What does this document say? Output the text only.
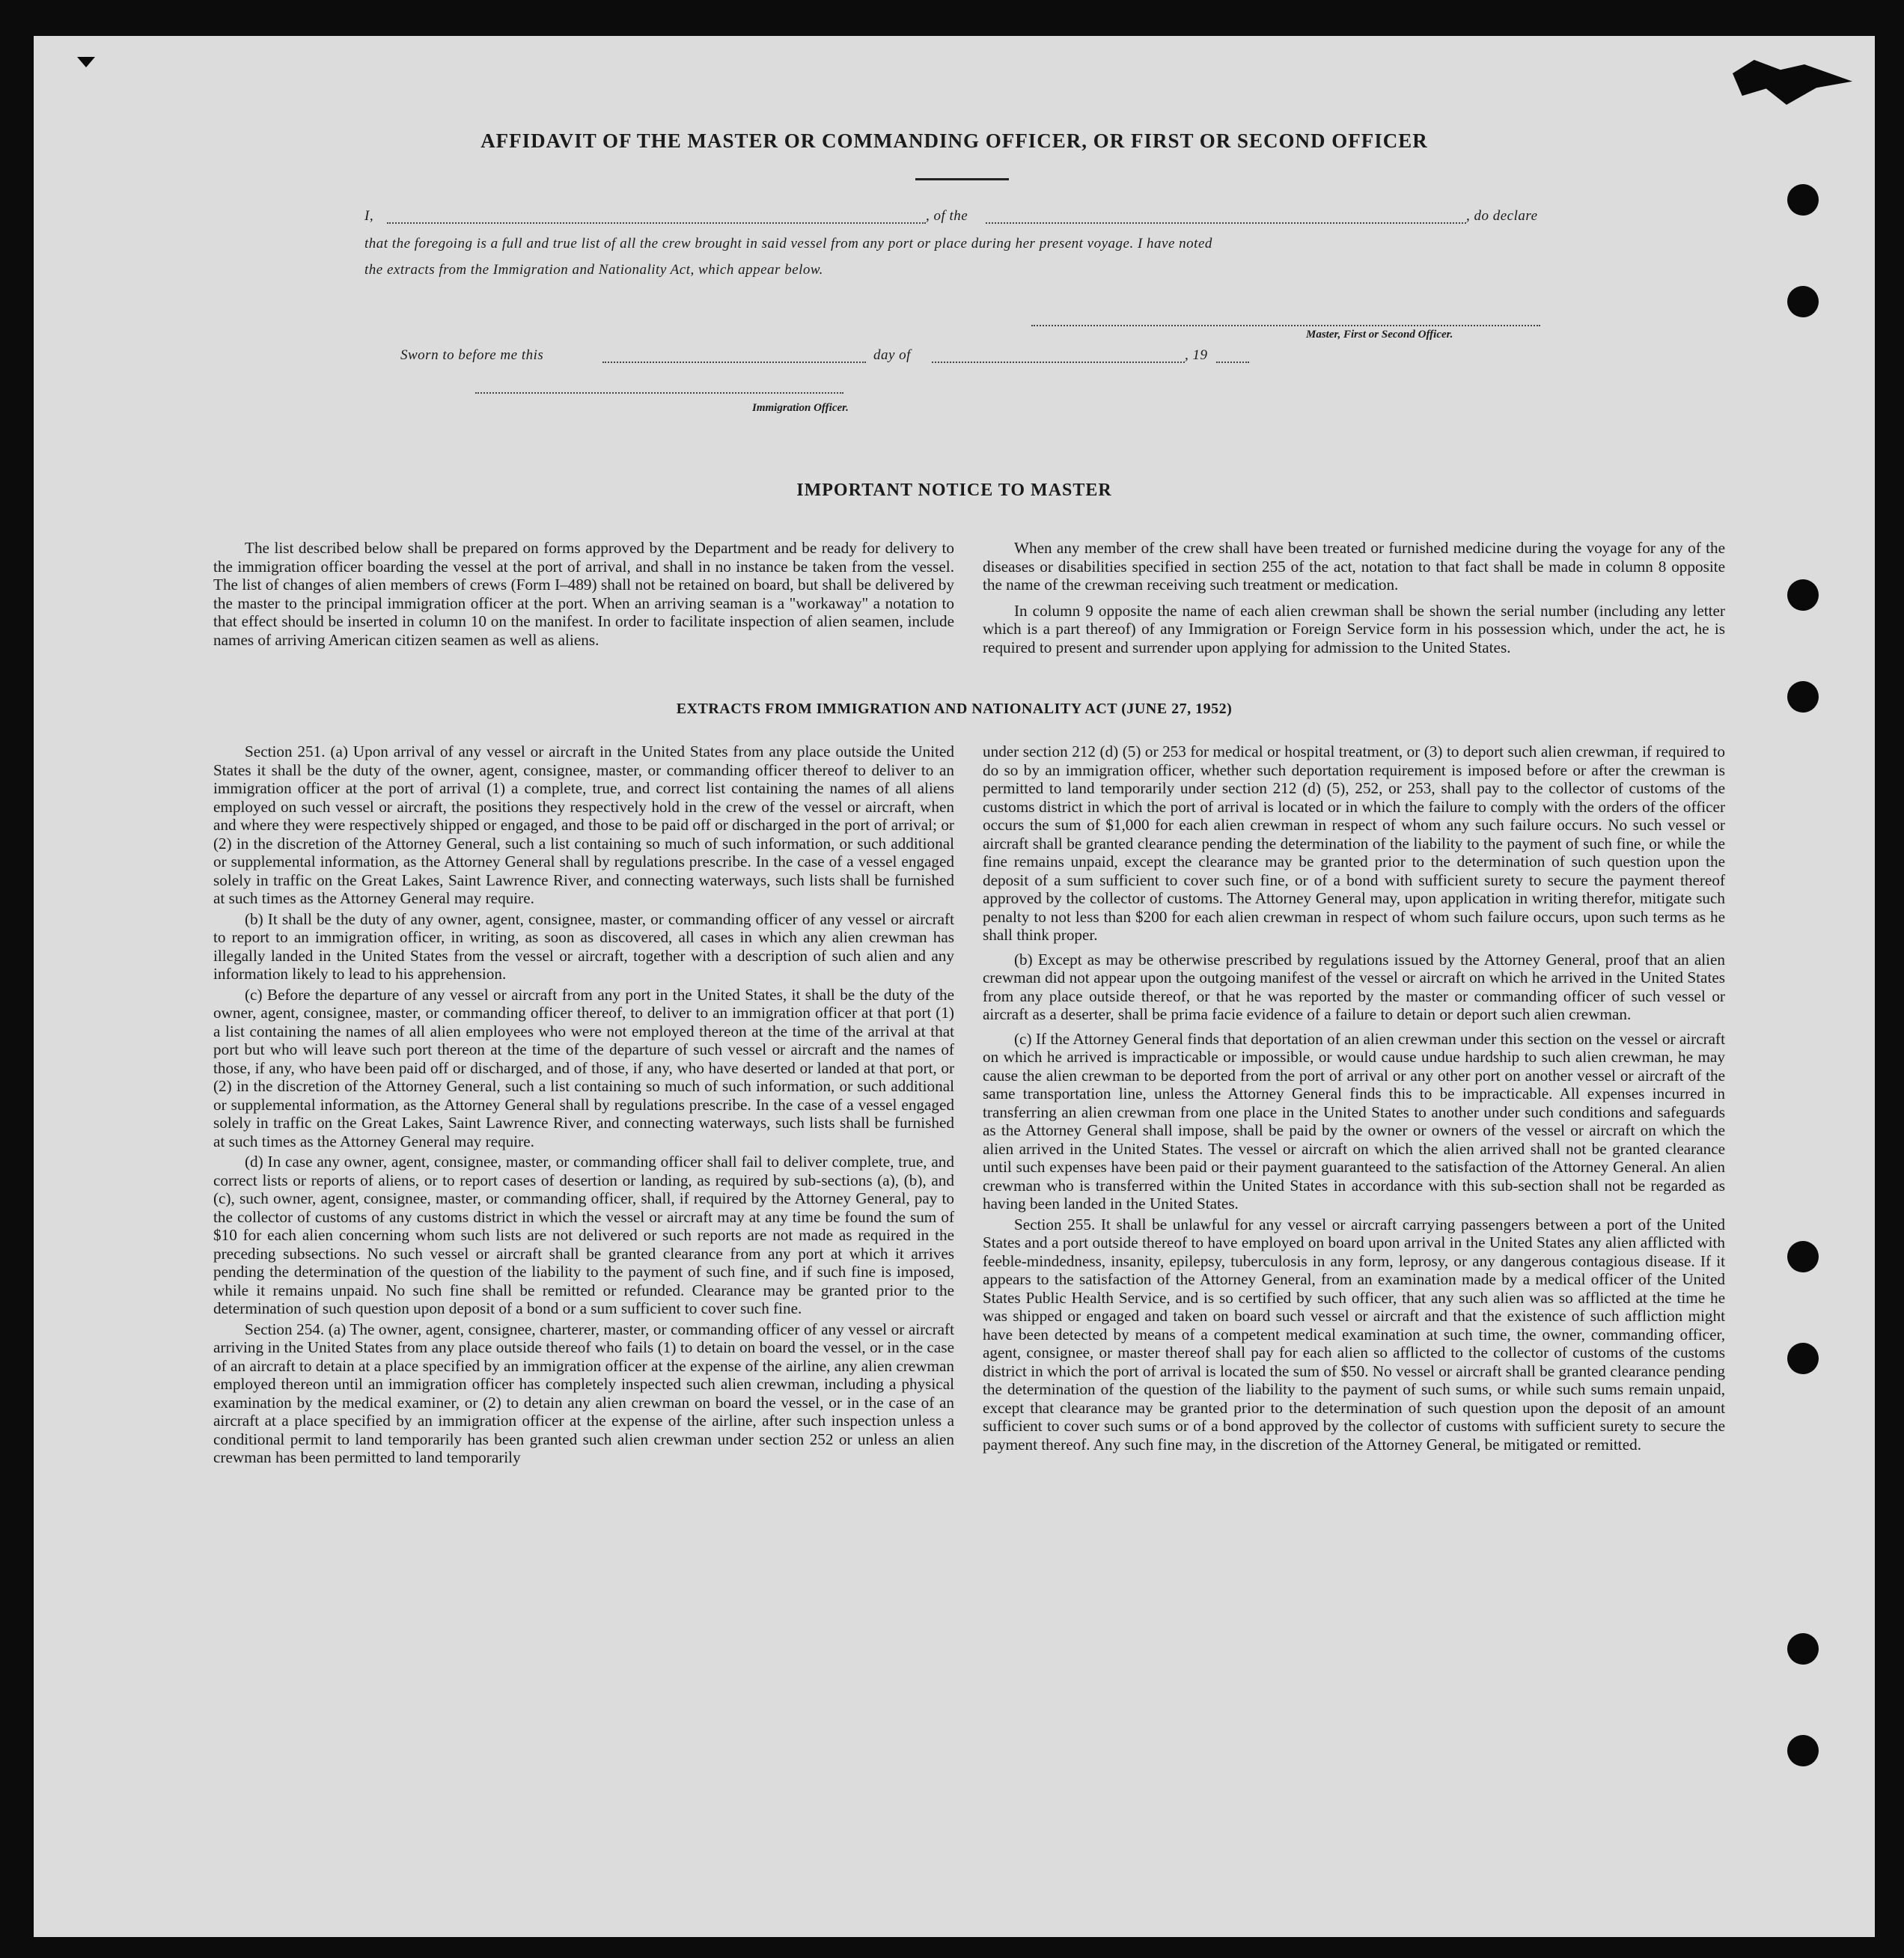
AFFIDAVIT OF THE MASTER OR COMMANDING OFFICER, OR FIRST OR SECOND OFFICER
I,	, of the	, do declare
that the foregoing is a full and true list of all the crew brought in said vessel from any port or place during her present voyage. I have noted
the extracts from the Immigration and Nationality Act, which appear below.
Master, First or Second Officer.
Sworn to before me this	day of	, 19
Immigration Officer.
IMPORTANT NOTICE TO MASTER

The list described below shall be prepared on forms approved by the Department and be ready for delivery to the immigration officer boarding the vessel at the port of arrival, and shall in no instance be taken from the vessel. The list of changes of alien members of crews (Form I–489) shall not be retained on board, but shall be delivered by the master to the principal immigration officer at the port. When an arriving seaman is a "workaway" a notation to that effect should be inserted in column 10 on the manifest. In order to facilitate inspection of alien seamen, include names of arriving American citizen seamen as well as aliens.

When any member of the crew shall have been treated or furnished medicine during the voyage for any of the diseases or disabilities specified in section 255 of the act, notation to that fact shall be made in column 8 opposite the name of the crewman receiving such treatment or medication.

In column 9 opposite the name of each alien crewman shall be shown the serial number (including any letter which is a part thereof) of any Immigration or Foreign Service form in his possession which, under the act, he is required to present and surrender upon applying for admission to the United States.

EXTRACTS FROM IMMIGRATION AND NATIONALITY ACT (JUNE 27, 1952)

Section 251. (a) Upon arrival of any vessel or aircraft in the United States from any place outside the United States it shall be the duty of the owner, agent, consignee, master, or commanding officer thereof to deliver to an immigration officer at the port of arrival (1) a complete, true, and correct list containing the names of all aliens employed on such vessel or aircraft, the positions they respectively hold in the crew of the vessel or aircraft, when and where they were respectively shipped or engaged, and those to be paid off or discharged in the port of arrival; or (2) in the discretion of the Attorney General, such a list containing so much of such information, or such additional or supplemental information, as the Attorney General shall by regulations prescribe. In the case of a vessel engaged solely in traffic on the Great Lakes, Saint Lawrence River, and connecting waterways, such lists shall be furnished at such times as the Attorney General may require.

(b) It shall be the duty of any owner, agent, consignee, master, or commanding officer of any vessel or aircraft to report to an immigration officer, in writing, as soon as discovered, all cases in which any alien crewman has illegally landed in the United States from the vessel or aircraft, together with a description of such alien and any information likely to lead to his apprehension.

(c) Before the departure of any vessel or aircraft from any port in the United States, it shall be the duty of the owner, agent, consignee, master, or commanding officer thereof, to deliver to an immigration officer at that port (1) a list containing the names of all alien employees who were not employed thereon at the time of the arrival at that port but who will leave such port thereon at the time of the departure of such vessel or aircraft and the names of those, if any, who have been paid off or discharged, and of those, if any, who have deserted or landed at that port, or (2) in the discretion of the Attorney General, such a list containing so much of such information, or such additional or supplemental information, as the Attorney General shall by regulations prescribe. In the case of a vessel engaged solely in traffic on the Great Lakes, Saint Lawrence River, and connecting waterways, such lists shall be furnished at such times as the Attorney General may require.

(d) In case any owner, agent, consignee, master, or commanding officer shall fail to deliver complete, true, and correct lists or reports of aliens, or to report cases of desertion or landing, as required by sub-sections (a), (b), and (c), such owner, agent, consignee, master, or commanding officer, shall, if required by the Attorney General, pay to the collector of customs of any customs district in which the vessel or aircraft may at any time be found the sum of $10 for each alien concerning whom such lists are not delivered or such reports are not made as required in the preceding subsections. No such vessel or aircraft shall be granted clearance from any port at which it arrives pending the determination of the question of the liability to the payment of such fine, and if such fine is imposed, while it remains unpaid. No such fine shall be remitted or refunded. Clearance may be granted prior to the determination of such question upon deposit of a bond or a sum sufficient to cover such fine.

Section 254. (a) The owner, agent, consignee, charterer, master, or commanding officer of any vessel or aircraft arriving in the United States from any place outside thereof who fails (1) to detain on board the vessel, or in the case of an aircraft to detain at a place specified by an immigration officer at the expense of the airline, any alien crewman employed thereon until an immigration officer has completely inspected such alien crewman, including a physical examination by the medical examiner, or (2) to detain any alien crewman on board the vessel, or in the case of an aircraft at a place specified by an immigration officer at the expense of the airline, after such inspection unless a conditional permit to land temporarily has been granted such alien crewman under section 252 or unless an alien crewman has been permitted to land temporarily

under section 212 (d) (5) or 253 for medical or hospital treatment, or (3) to deport such alien crewman, if required to do so by an immigration officer, whether such deportation requirement is imposed before or after the crewman is permitted to land temporarily under section 212 (d) (5), 252, or 253, shall pay to the collector of customs of the customs district in which the port of arrival is located or in which the failure to comply with the orders of the officer occurs the sum of $1,000 for each alien crewman in respect of whom any such failure occurs. No such vessel or aircraft shall be granted clearance pending the determination of the liability to the payment of such fine, or while the fine remains unpaid, except the clearance may be granted prior to the determination of such question upon the deposit of a sum sufficient to cover such fine, or of a bond with sufficient surety to secure the payment thereof approved by the collector of customs. The Attorney General may, upon application in writing therefor, mitigate such penalty to not less than $200 for each alien crewman in respect of whom such failure occurs, upon such terms as he shall think proper.

(b) Except as may be otherwise prescribed by regulations issued by the Attorney General, proof that an alien crewman did not appear upon the outgoing manifest of the vessel or aircraft on which he arrived in the United States from any place outside thereof, or that he was reported by the master or commanding officer of such vessel or aircraft as a deserter, shall be prima facie evidence of a failure to detain or deport such alien crewman.

(c) If the Attorney General finds that deportation of an alien crewman under this section on the vessel or aircraft on which he arrived is impracticable or impossible, or would cause undue hardship to such alien crewman, he may cause the alien crewman to be deported from the port of arrival or any other port on another vessel or aircraft of the same transportation line, unless the Attorney General finds this to be impracticable. All expenses incurred in transferring an alien crewman from one place in the United States to another under such conditions and safeguards as the Attorney General shall impose, shall be paid by the owner or owners of the vessel or aircraft on which the alien arrived in the United States. The vessel or aircraft on which the alien arrived shall not be granted clearance until such expenses have been paid or their payment guaranteed to the satisfaction of the Attorney General. An alien crewman who is transferred within the United States in accordance with this sub-section shall not be regarded as having been landed in the United States.

Section 255. It shall be unlawful for any vessel or aircraft carrying passengers between a port of the United States and a port outside thereof to have employed on board upon arrival in the United States any alien afflicted with feeble-mindedness, insanity, epilepsy, tuberculosis in any form, leprosy, or any dangerous contagious disease. If it appears to the satisfaction of the Attorney General, from an examination made by a medical officer of the United States Public Health Service, and is so certified by such officer, that any such alien was so afflicted at the time he was shipped or engaged and taken on board such vessel or aircraft and that the existence of such affliction might have been detected by means of a competent medical examination at such time, the owner, commanding officer, agent, consignee, or master thereof shall pay for each alien so afflicted to the collector of customs of the customs district in which the port of arrival is located the sum of $50. No vessel or aircraft shall be granted clearance pending the determination of the question of the liability to the payment of such sums, or while such sums remain unpaid, except that clearance may be granted prior to the determination of such question upon the deposit of an amount sufficient to cover such sums or of a bond approved by the collector of customs with sufficient surety to secure the payment thereof. Any such fine may, in the discretion of the Attorney General, be mitigated or remitted.
